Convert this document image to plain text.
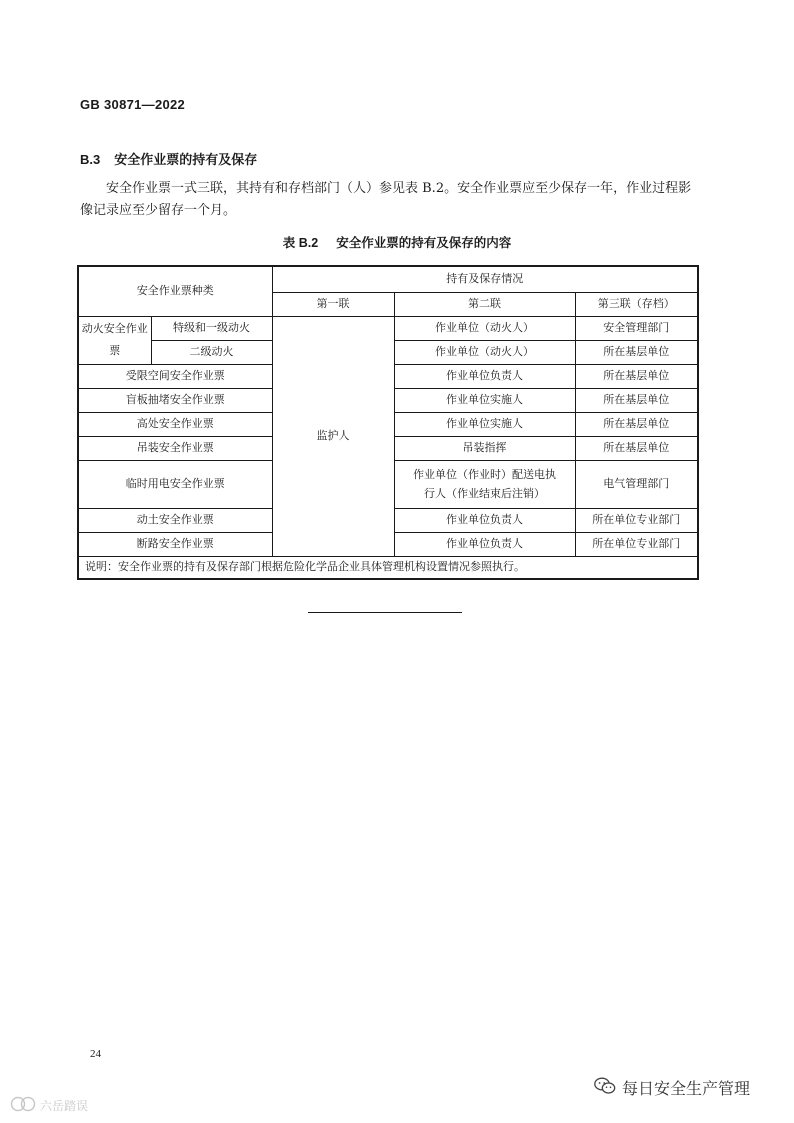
GB 30871—2022
B.3 安全作业票的持有及保存
安全作业票一式三联，其持有和存档部门（人）参见表 B.2。安全作业票应至少保存一年，作业过程影像记录应至少留存一个月。
表 B.2 安全作业票的持有及保存的内容
安全作业票种类		持有及保存情况		
		第一联	第二联	第三联（存档）
动火安全作业票	特级和一级动火	监护人	作业单位（动火人）	安全管理部门
	二级动火		作业单位（动火人）	所在基层单位
受限空间安全作业票			作业单位负责人	所在基层单位
盲板抽堵安全作业票			作业单位实施人	所在基层单位
高处安全作业票			作业单位实施人	所在基层单位
吊装安全作业票			吊装指挥	所在基层单位
临时用电安全作业票			作业单位（作业时）配送电执行人（作业结束后注销）	电气管理部门
动土安全作业票			作业单位负责人	所在单位专业部门
断路安全作业票			作业单位负责人	所在单位专业部门
说明：安全作业票的持有及保存部门根据危险化学品企业具体管理机构设置情况参照执行。				
24
每日安全生产管理
六岳踏误
